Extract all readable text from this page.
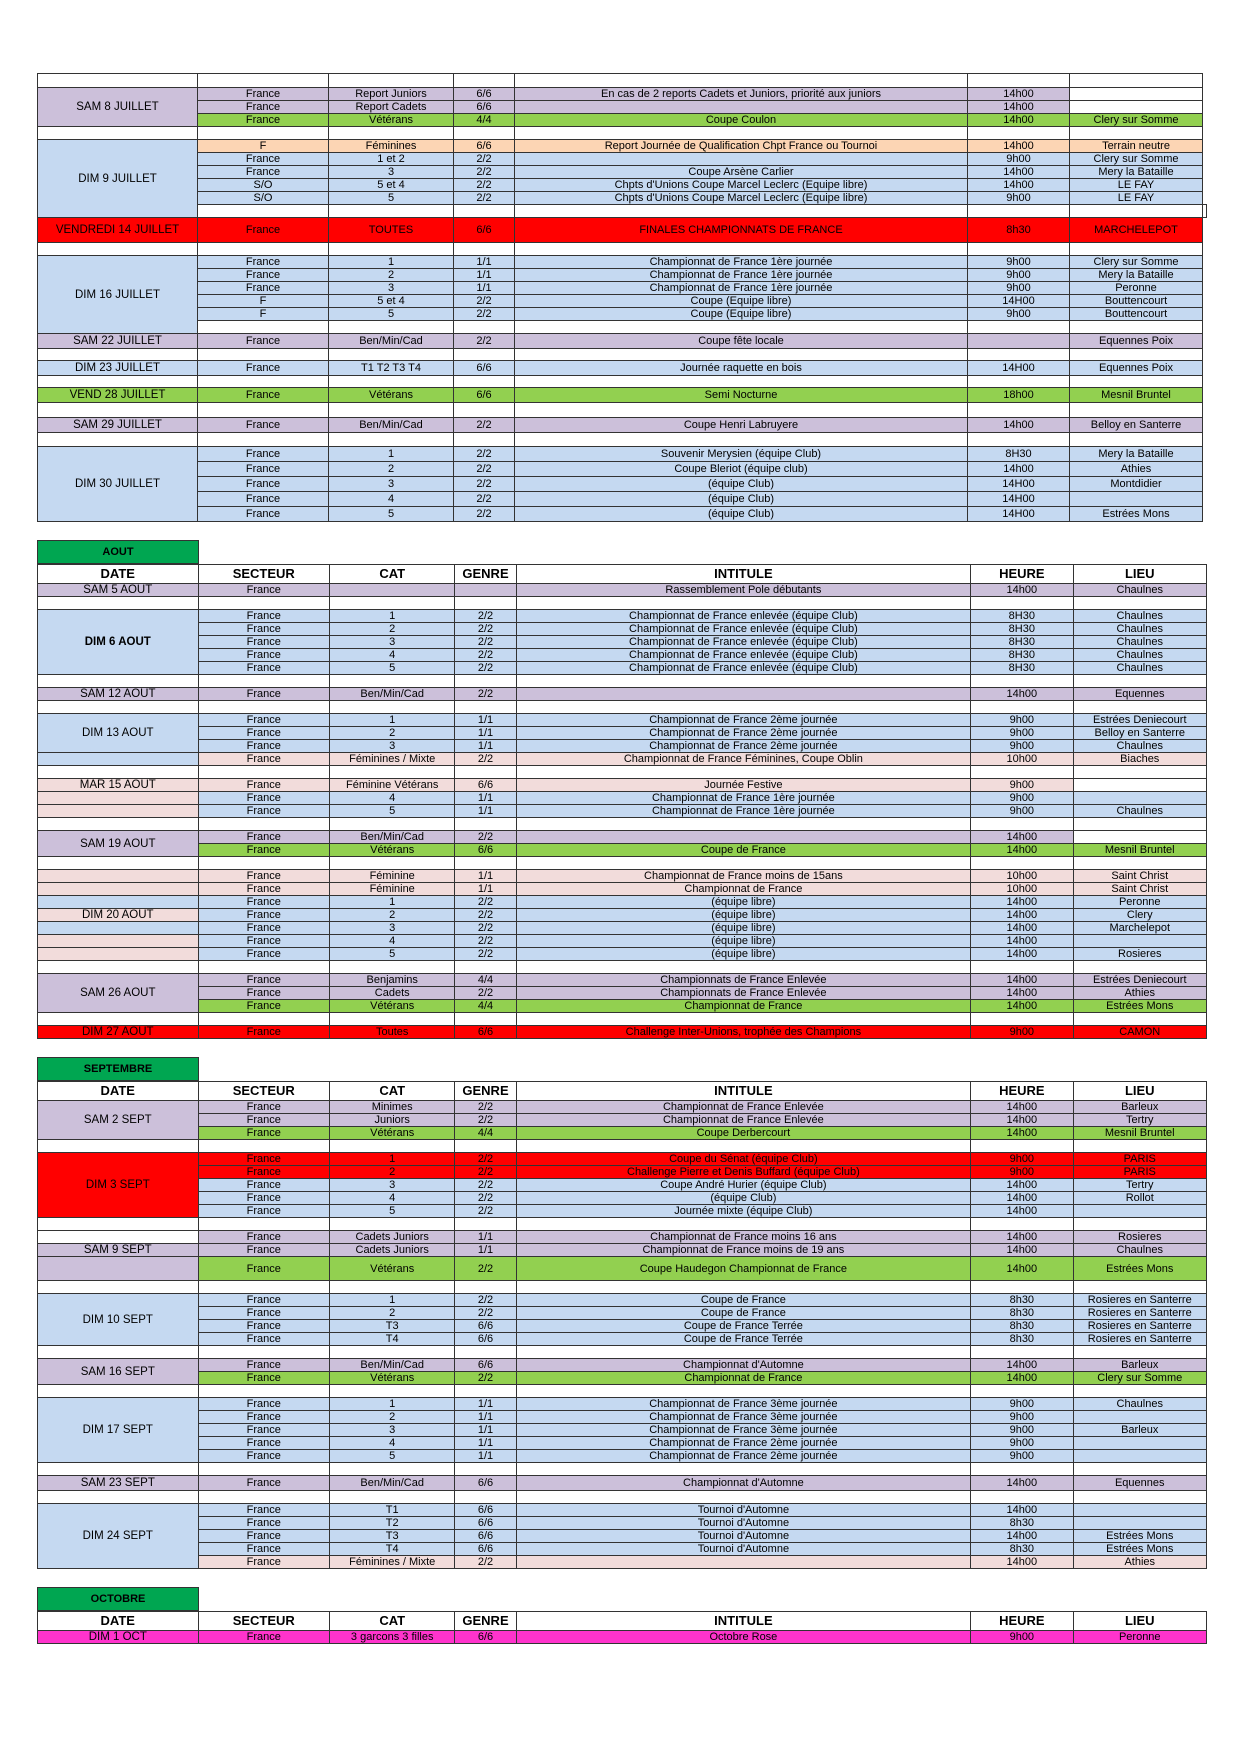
SAM 8 JUILLET	France	Report Juniors	6/6	En cas de 2 reports Cadets et Juniors, priorité aux juniors	14h00		
	France	Report Cadets	6/6		14h00		
	France	Vétérans	4/4	Coupe Coulon	14h00	Clery sur Somme	

DIM 9 JUILLET	F	Féminines	6/6	Report Journée de Qualification Chpt France ou Tournoi	14h00	Terrain neutre	
	France	1 et 2	2/2		9h00	Clery sur Somme	
	France	3	2/2	Coupe Arsène Carlier	14h00	Mery la Bataille	
	S/O	5 et 4	2/2	Chpts d'Unions Coupe Marcel Leclerc (Equipe libre)	14h00	LE FAY	
	S/O	5	2/2	Chpts d'Unions Coupe Marcel Leclerc (Equipe libre)	9h00	LE FAY	

VENDREDI 14 JUILLET	France	TOUTES	6/6	FINALES CHAMPIONNATS DE FRANCE	8h30	MARCHELEPOT	

DIM 16 JUILLET	France	1	1/1	Championnat de France 1ère journée	9h00	Clery sur Somme	
	France	2	1/1	Championnat de France 1ère journée	9h00	Mery la Bataille	
	France	3	1/1	Championnat de France 1ère journée	9h00	Peronne	
	F	5 et 4	2/2	Coupe (Equipe libre)	14H00	Bouttencourt	
	F	5	2/2	Coupe (Equipe libre)	9h00	Bouttencourt	

SAM 22 JUILLET	France	Ben/Min/Cad	2/2	Coupe fête locale		Equennes Poix	

DIM 23 JUILLET	France	T1 T2 T3 T4	6/6	Journée raquette en bois	14H00	Equennes Poix	

VEND 28 JUILLET	France	Vétérans	6/6	Semi Nocturne	18h00	Mesnil Bruntel	

SAM 29 JUILLET	France	Ben/Min/Cad	2/2	Coupe Henri Labruyere	14h00	Belloy en Santerre	

DIM 30 JUILLET	France	1	2/2	Souvenir Merysien (équipe Club)	8H30	Mery la Bataille	
	France	2	2/2	Coupe Bleriot (équipe club)	14h00	Athies	
	France	3	2/2	(équipe Club)	14H00	Montdidier	
	France	4	2/2	(équipe Club)	14H00		
	France	5	2/2	(équipe Club)	14H00	Estrées Mons	
AOUT
DATE	SECTEUR	CAT	GENRE	INTITULE	HEURE	LIEU
SAM 5 AOUT	France			Rassemblement Pole débutants	14h00	Chaulnes

DIM 6 AOUT	France	1	2/2	Championnat de France enlevée (équipe Club)	8H30	Chaulnes
	France	2	2/2	Championnat de France enlevée (équipe Club)	8H30	Chaulnes
	France	3	2/2	Championnat de France enlevée (équipe Club)	8H30	Chaulnes
	France	4	2/2	Championnat de France enlevée (équipe Club)	8H30	Chaulnes
	France	5	2/2	Championnat de France enlevée (équipe Club)	8H30	Chaulnes

SAM 12 AOUT	France	Ben/Min/Cad	2/2		14h00	Equennes

DIM 13 AOUT	France	1	1/1	Championnat de France 2ème journée	9h00	Estrées Deniecourt
	France	2	1/1	Championnat de France 2ème journée	9h00	Belloy en Santerre
	France	3	1/1	Championnat de France 2ème journée	9h00	Chaulnes
	France	Féminines / Mixte	2/2	Championnat de France Féminines, Coupe Oblin	10h00	Biaches

MAR 15 AOUT	France	Féminine Vétérans	6/6	Journée Festive	9h00	
	France	4	1/1	Championnat de France 1ère journée	9h00	
	France	5	1/1	Championnat de France 1ère journée	9h00	Chaulnes

SAM 19 AOUT	France	Ben/Min/Cad	2/2		14h00	
	France	Vétérans	6/6	Coupe de France	14h00	Mesnil Bruntel

	France	Féminine	1/1	Championnat de France moins de 15ans	10h00	Saint Christ
	France	Féminine	1/1	Championnat de France	10h00	Saint Christ
	France	1	2/2	(équipe libre)	14h00	Peronne
DIM 20 AOUT	France	2	2/2	(équipe libre)	14h00	Clery
	France	3	2/2	(équipe libre)	14h00	Marchelepot
	France	4	2/2	(équipe libre)	14h00	
	France	5	2/2	(équipe libre)	14h00	Rosieres

SAM 26 AOUT	France	Benjamins	4/4	Championnats de France Enlevée	14h00	Estrées Deniecourt
	France	Cadets	2/2	Championnats de France Enlevée	14h00	Athies
	France	Vétérans	4/4	Championnat de France	14h00	Estrées Mons

DIM 27 AOUT	France	Toutes	6/6	Challenge Inter-Unions, trophée des Champions	9h00	CAMON
SEPTEMBRE
DATE	SECTEUR	CAT	GENRE	INTITULE	HEURE	LIEU
SAM 2 SEPT	France	Minimes	2/2	Championnat de France Enlevée	14h00	Barleux
	France	Juniors	2/2	Championnat de France Enlevée	14h00	Tertry
	France	Vétérans	4/4	Coupe Derbercourt	14h00	Mesnil Bruntel

DIM 3 SEPT	France	1	2/2	Coupe du Sénat (équipe Club)	9h00	PARIS
	France	2	2/2	Challenge Pierre et Denis Buffard (équipe Club)	9h00	PARIS
	France	3	2/2	Coupe André Hurier (équipe Club)	14h00	Tertry
	France	4	2/2	(équipe Club)	14h00	Rollot
	France	5	2/2	Journée mixte (équipe Club)	14h00	

	France	Cadets Juniors	1/1	Championnat de France moins 16 ans	14h00	Rosieres
SAM 9 SEPT	France	Cadets Juniors	1/1	Championnat de France moins de 19 ans	14h00	Chaulnes
	France	Vétérans	2/2	Coupe Haudegon Championnat de France	14h00	Estrées Mons

DIM 10 SEPT	France	1	2/2	Coupe de France	8h30	Rosieres en Santerre
	France	2	2/2	Coupe de France	8h30	Rosieres en Santerre
	France	T3	6/6	Coupe de France Terrée	8h30	Rosieres en Santerre
	France	T4	6/6	Coupe de France Terrée	8h30	Rosieres en Santerre

SAM 16 SEPT	France	Ben/Min/Cad	6/6	Championnat d'Automne	14h00	Barleux
	France	Vétérans	2/2	Championnat de France	14h00	Clery sur Somme

DIM 17 SEPT	France	1	1/1	Championnat de France 3ème journée	9h00	Chaulnes
	France	2	1/1	Championnat de France 3ème journée	9h00	
	France	3	1/1	Championnat de France 3ème journée	9h00	Barleux
	France	4	1/1	Championnat de France 2ème journée	9h00	
	France	5	1/1	Championnat de France 2ème journée	9h00	

SAM 23 SEPT	France	Ben/Min/Cad	6/6	Championnat d'Automne	14h00	Equennes

DIM 24 SEPT	France	T1	6/6	Tournoi d'Automne	14h00	
	France	T2	6/6	Tournoi d'Automne	8h30	
	France	T3	6/6	Tournoi d'Automne	14h00	Estrées Mons
	France	T4	6/6	Tournoi d'Automne	8h30	Estrées Mons
	France	Féminines / Mixte	2/2		14h00	Athies
OCTOBRE
DATE	SECTEUR	CAT	GENRE	INTITULE	HEURE	LIEU
DIM 1 OCT	France	3 garcons 3 filles	6/6	Octobre Rose	9h00	Peronne
